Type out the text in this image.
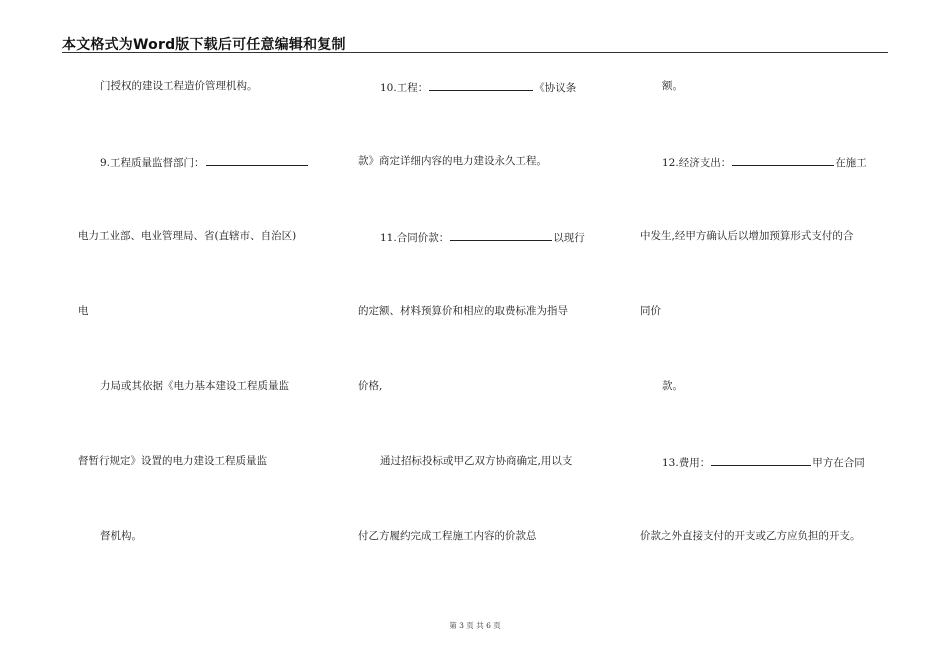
本文格式为Word版下载后可任意编辑和复制
门授权的建设工程造价管理机构。
9.工程质量监督部门：
电力工业部、电业管理局、省(直辖市、自治区)
电
力局或其依据《电力基本建设工程质量监
督暂行规定》设置的电力建设工程质量监
督机构。
10.工程：	《协议条
款》商定详细内容的电力建设永久工程。
11.合同价款：	以现行
的定额、材料预算价和相应的取费标准为指导
价格,
通过招标投标或甲乙双方协商确定,用以支
付乙方履约完成工程施工内容的价款总
额。
12.经济支出：	在施工
中发生,经甲方确认后以增加预算形式支付的合
同价
款。
13.费用：	甲方在合同
价款之外直接支付的开支或乙方应负担的开支。
第 3 页 共 6 页
